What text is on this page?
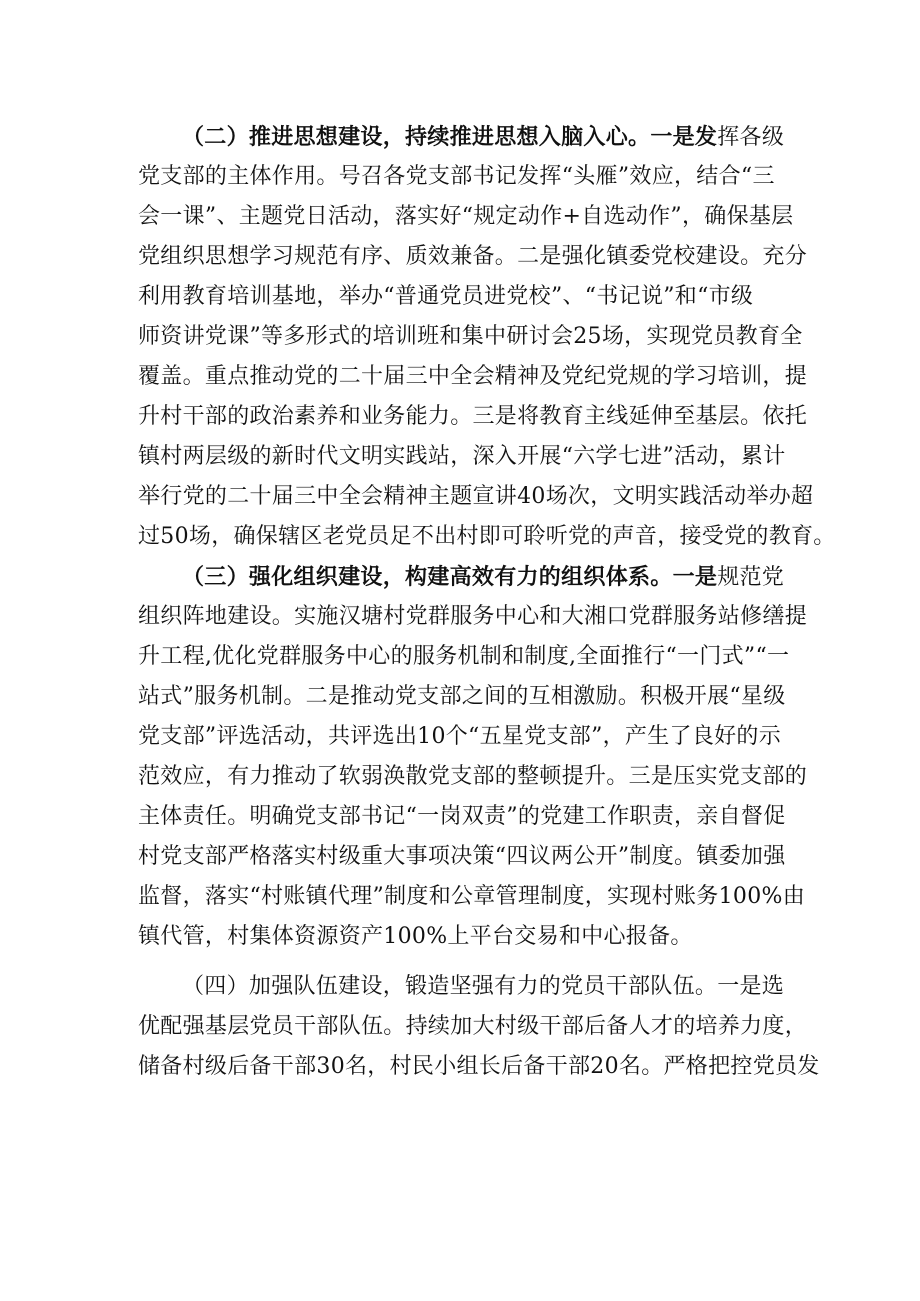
（二）推进思想建设，持续推进思想入脑入心。一是发挥各级
党支部的主体作用。号召各党支部书记发挥“头雁”效应，结合“三
会一课”、主题党日活动，落实好“规定动作+自选动作”，确保基层
党组织思想学习规范有序、质效兼备。二是强化镇委党校建设。充分
利用教育培训基地，举办“普通党员进党校”、“书记说”和“市级
师资讲党课”等多形式的培训班和集中研讨会25场，实现党员教育全
覆盖。重点推动党的二十届三中全会精神及党纪党规的学习培训，提
升村干部的政治素养和业务能力。三是将教育主线延伸至基层。依托
镇村两层级的新时代文明实践站，深入开展“六学七进”活动，累计
举行党的二十届三中全会精神主题宣讲40场次，文明实践活动举办超
过50场，确保辖区老党员足不出村即可聆听党的声音，接受党的教育。
（三）强化组织建设，构建高效有力的组织体系。一是规范党
组织阵地建设。实施汉塘村党群服务中心和大湘口党群服务站修缮提
升工程,优化党群服务中心的服务机制和制度,全面推行“一门式”“一
站式”服务机制。二是推动党支部之间的互相激励。积极开展“星级
党支部”评选活动，共评选出10个“五星党支部”，产生了良好的示
范效应，有力推动了软弱涣散党支部的整顿提升。三是压实党支部的
主体责任。明确党支部书记“一岗双责”的党建工作职责，亲自督促
村党支部严格落实村级重大事项决策“四议两公开”制度。镇委加强
监督，落实“村账镇代理”制度和公章管理制度，实现村账务100%由
镇代管，村集体资源资产100%上平台交易和中心报备。
（四）加强队伍建设，锻造坚强有力的党员干部队伍。一是选
优配强基层党员干部队伍。持续加大村级干部后备人才的培养力度，
储备村级后备干部30名，村民小组长后备干部20名。严格把控党员发
